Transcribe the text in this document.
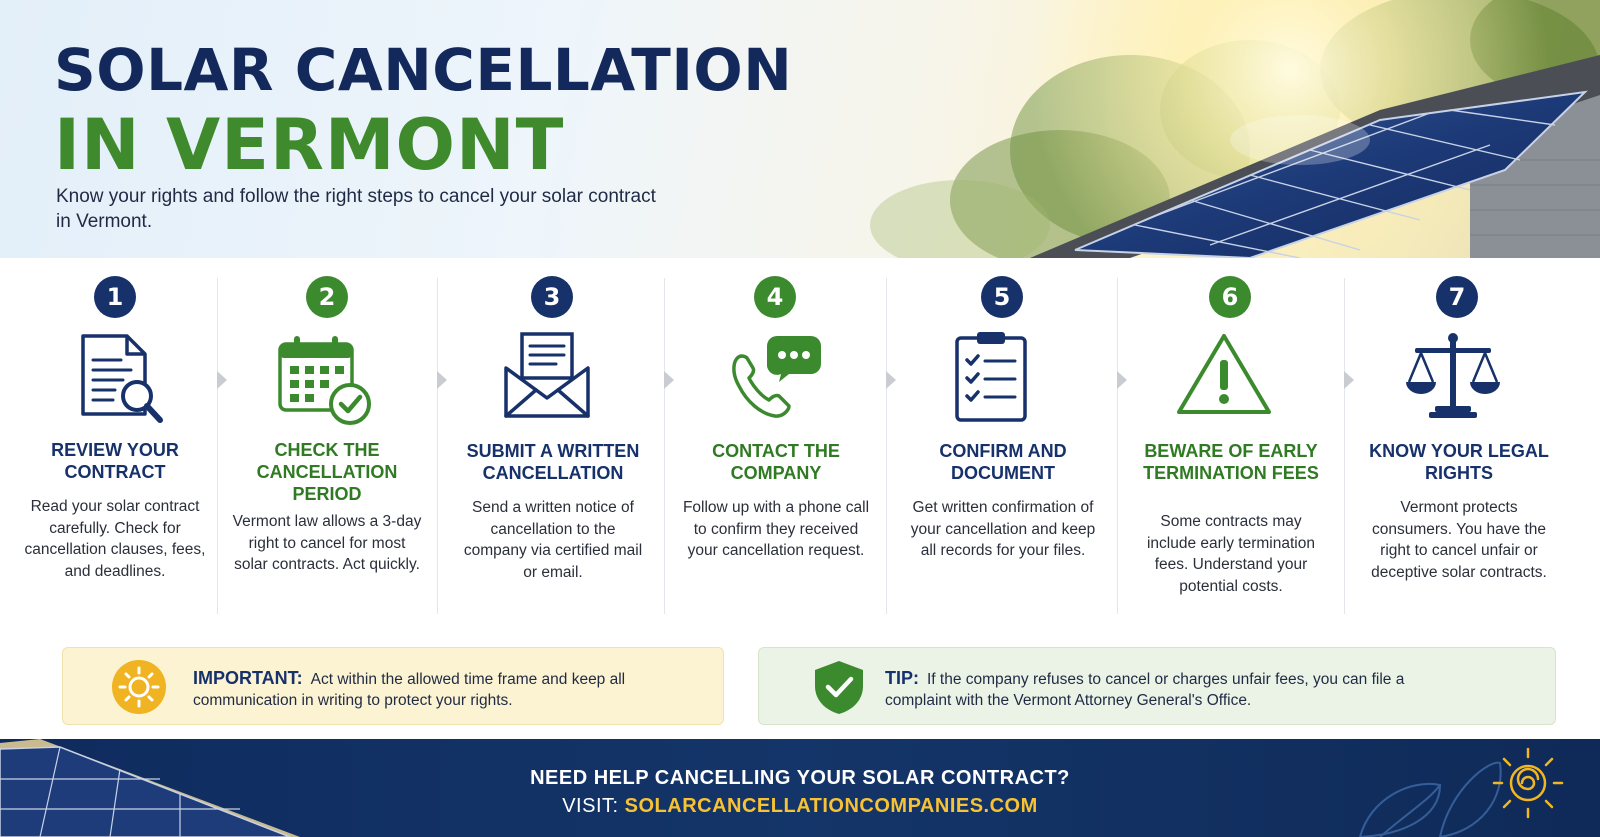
SOLAR CANCELLATION
IN VERMONT
Know your rights and follow the right steps to cancel your solar contract in Vermont.
1
REVIEW YOUR CONTRACT
Read your solar contract carefully. Check for cancellation clauses, fees, and deadlines.
2
CHECK THE CANCELLATION PERIOD
Vermont law allows a 3-day right to cancel for most solar contracts. Act quickly.
3
SUBMIT A WRITTEN CANCELLATION
Send a written notice of cancellation to the company via certified mail or email.
4
CONTACT THE COMPANY
Follow up with a phone call to confirm they received your cancellation request.
5
CONFIRM AND DOCUMENT
Get written confirmation of your cancellation and keep all records for your files.
6
BEWARE OF EARLY TERMINATION FEES
Some contracts may include early termination fees. Understand your potential costs.
7
KNOW YOUR LEGAL RIGHTS
Vermont protects consumers. You have the right to cancel unfair or deceptive solar contracts.
IMPORTANT: Act within the allowed time frame and keep all communication in writing to protect your rights.
TIP: If the company refuses to cancel or charges unfair fees, you can file a complaint with the Vermont Attorney General's Office.
NEED HELP CANCELLING YOUR SOLAR CONTRACT?
VISIT: SOLARCANCELLATIONCOMPANIES.COM
